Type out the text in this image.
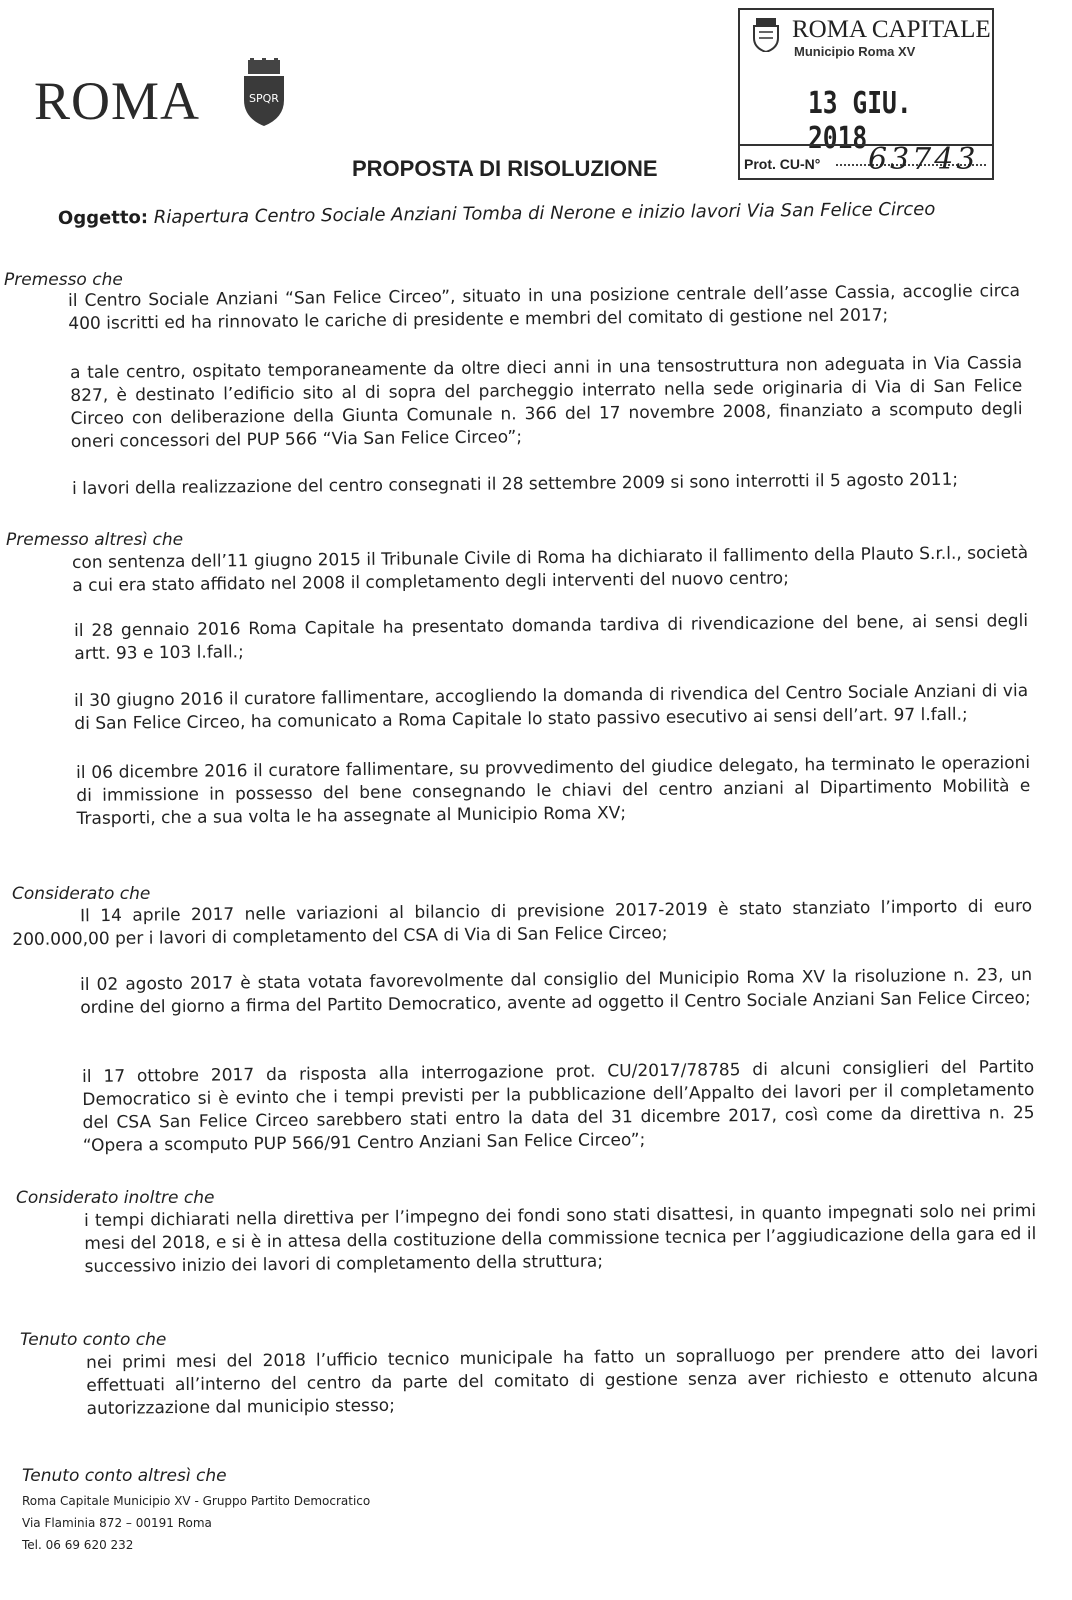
ROMA	SPQR
ROMA CAPITALE
Municipio Roma XV
13 GIU. 2018
Prot. CU-N° 63743
PROPOSTA DI RISOLUZIONE
Oggetto: Riapertura Centro Sociale Anziani Tomba di Nerone e inizio lavori Via San Felice Circeo
Premesso che
il Centro Sociale Anziani “San Felice Circeo”, situato in una posizione centrale dell’asse Cassia, accoglie circa 400 iscritti ed ha rinnovato le cariche di presidente e membri del comitato di gestione nel 2017;
a tale centro, ospitato temporaneamente da oltre dieci anni in una tensostruttura non adeguata in Via Cassia 827, è destinato l’edificio sito al di sopra del parcheggio interrato nella sede originaria di Via di San Felice Circeo con deliberazione della Giunta Comunale n. 366 del 17 novembre 2008, finanziato a scomputo degli oneri concessori del PUP 566 “Via San Felice Circeo”;
i lavori della realizzazione del centro consegnati il 28 settembre 2009 si sono interrotti il 5 agosto 2011;
Premesso altresì che
con sentenza dell’11 giugno 2015 il Tribunale Civile di Roma ha dichiarato il fallimento della Plauto S.r.l., società a cui era stato affidato nel 2008 il completamento degli interventi del nuovo centro;
il 28 gennaio 2016 Roma Capitale ha presentato domanda tardiva di rivendicazione del bene, ai sensi degli artt. 93 e 103 l.fall.;
il 30 giugno 2016 il curatore fallimentare, accogliendo la domanda di rivendica del Centro Sociale Anziani di via di San Felice Circeo, ha comunicato a Roma Capitale lo stato passivo esecutivo ai sensi dell’art. 97 l.fall.;
il 06 dicembre 2016 il curatore fallimentare, su provvedimento del giudice delegato, ha terminato le operazioni di immissione in possesso del bene consegnando le chiavi del centro anziani al Dipartimento Mobilità e Trasporti, che a sua volta le ha assegnate al Municipio Roma XV;
Considerato che
Il 14 aprile 2017 nelle variazioni al bilancio di previsione 2017-2019 è stato stanziato l’importo di euro 200.000,00 per i lavori di completamento del CSA di Via di San Felice Circeo;
il 02 agosto 2017 è stata votata favorevolmente dal consiglio del Municipio Roma XV la risoluzione n. 23, un ordine del giorno a firma del Partito Democratico, avente ad oggetto il Centro Sociale Anziani San Felice Circeo;
il 17 ottobre 2017 da risposta alla interrogazione prot. CU/2017/78785 di alcuni consiglieri del Partito Democratico si è evinto che i tempi previsti per la pubblicazione dell’Appalto dei lavori per il completamento del CSA San Felice Circeo sarebbero stati entro la data del 31 dicembre 2017, così come da direttiva n. 25 “Opera a scomputo PUP 566/91 Centro Anziani San Felice Circeo”;
Considerato inoltre che
i tempi dichiarati nella direttiva per l’impegno dei fondi sono stati disattesi, in quanto impegnati solo nei primi mesi del 2018, e si è in attesa della costituzione della commissione tecnica per l’aggiudicazione della gara ed il successivo inizio dei lavori di completamento della struttura;
Tenuto conto che
nei primi mesi del 2018 l’ufficio tecnico municipale ha fatto un sopralluogo per prendere atto dei lavori effettuati all’interno del centro da parte del comitato di gestione senza aver richiesto e ottenuto alcuna autorizzazione dal municipio stesso;
Tenuto conto altresì che
Roma Capitale Municipio XV - Gruppo Partito Democratico
Via Flaminia 872 – 00191 Roma
Tel. 06 69 620 232
